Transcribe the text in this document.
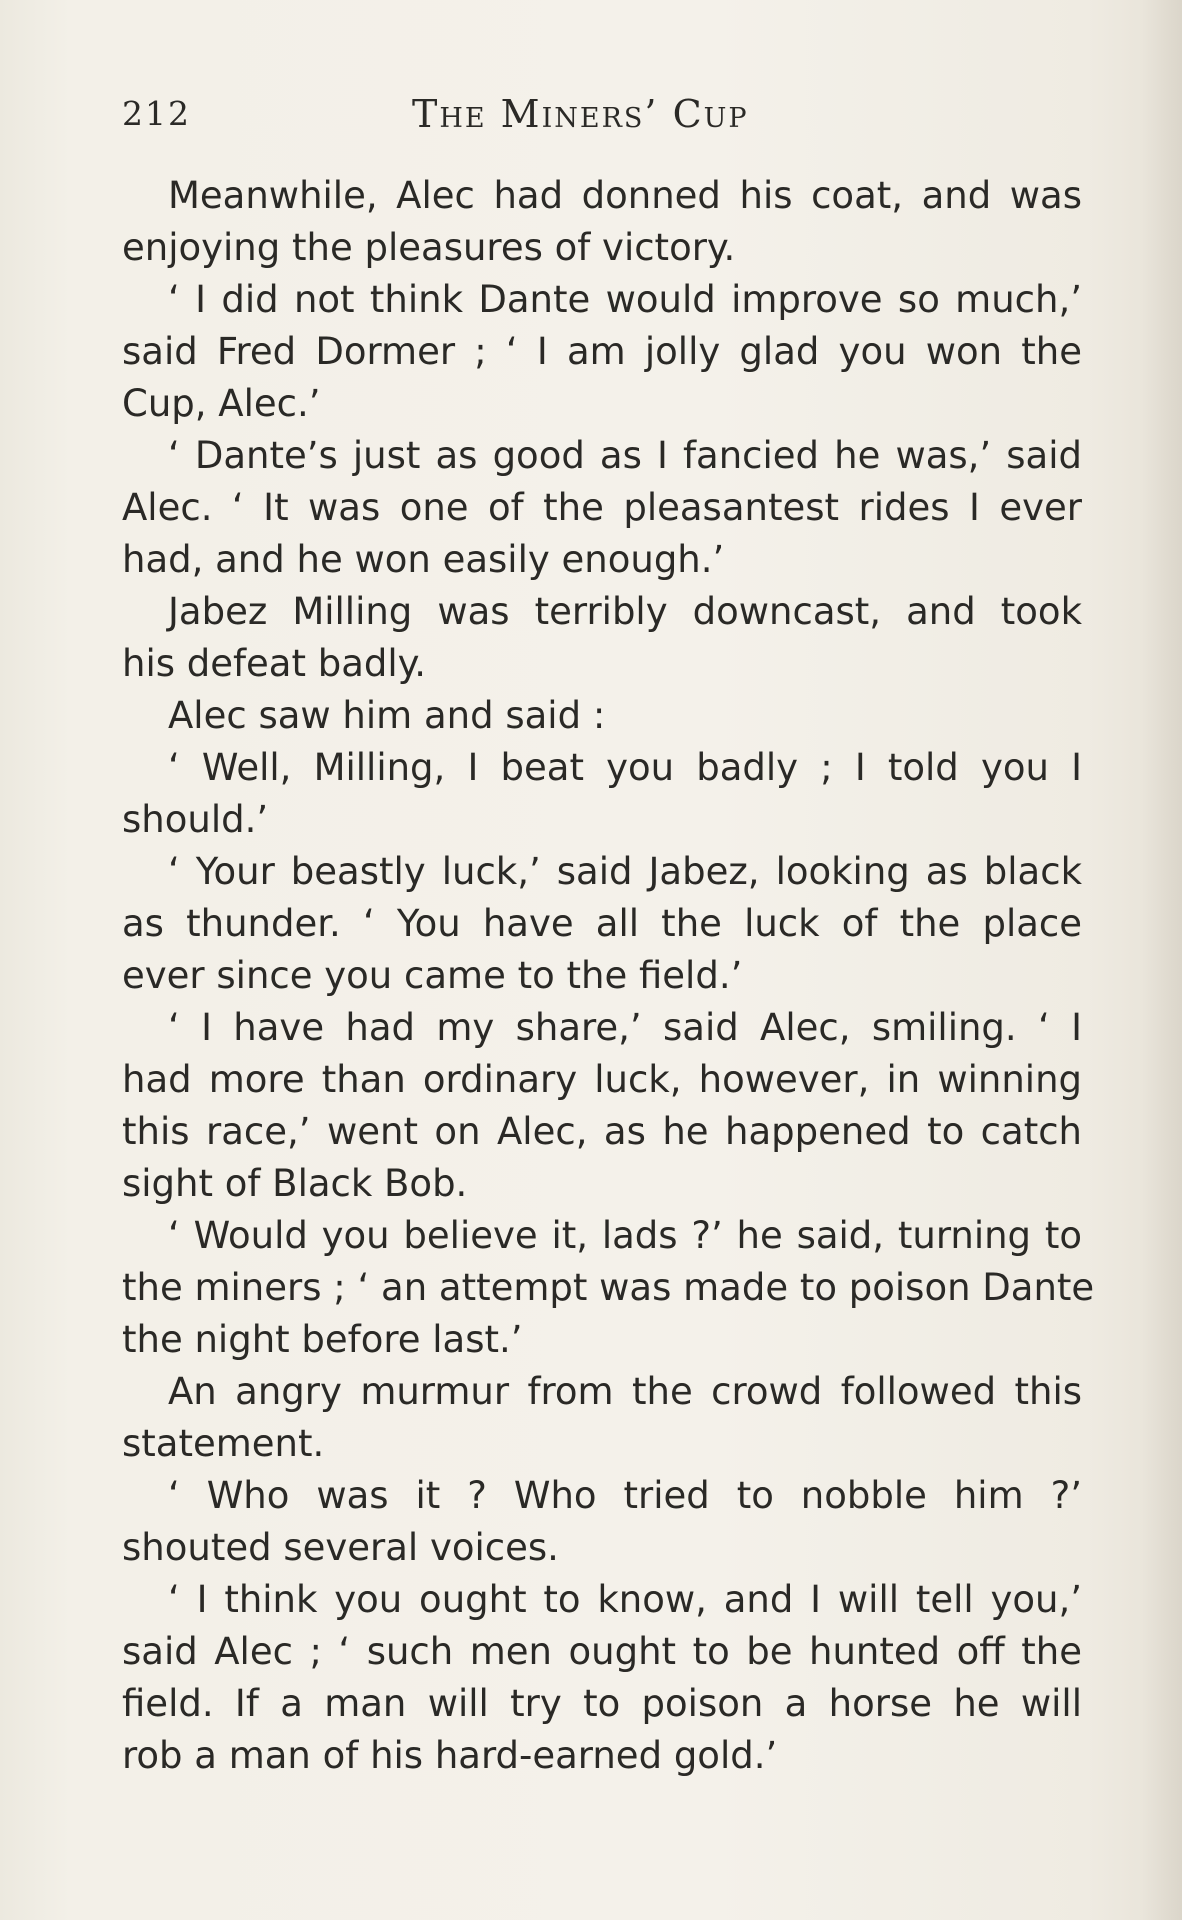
212	The Miners’ Cup
Meanwhile, Alec had donned his coat, and was
enjoying the pleasures of victory.
‘ I did not think Dante would improve so much,’
said Fred Dormer ; ‘ I am jolly glad you won the
Cup, Alec.’
‘ Dante’s just as good as I fancied he was,’ said
Alec. ‘ It was one of the pleasantest rides I ever
had, and he won easily enough.’
Jabez Milling was terribly downcast, and took
his defeat badly.
Alec saw him and said :
‘ Well, Milling, I beat you badly ; I told you I
should.’
‘ Your beastly luck,’ said Jabez, looking as black
as thunder. ‘ You have all the luck of the place
ever since you came to the field.’
‘ I have had my share,’ said Alec, smiling. ‘ I
had more than ordinary luck, however, in winning
this race,’ went on Alec, as he happened to catch
sight of Black Bob.
‘ Would you believe it, lads ?’ he said, turning to
the miners ; ‘ an attempt was made to poison Dante
the night before last.’
An angry murmur from the crowd followed this
statement.
‘ Who was it ? Who tried to nobble him ?’
shouted several voices.
‘ I think you ought to know, and I will tell you,’
said Alec ; ‘ such men ought to be hunted off the
field. If a man will try to poison a horse he will
rob a man of his hard-earned gold.’
